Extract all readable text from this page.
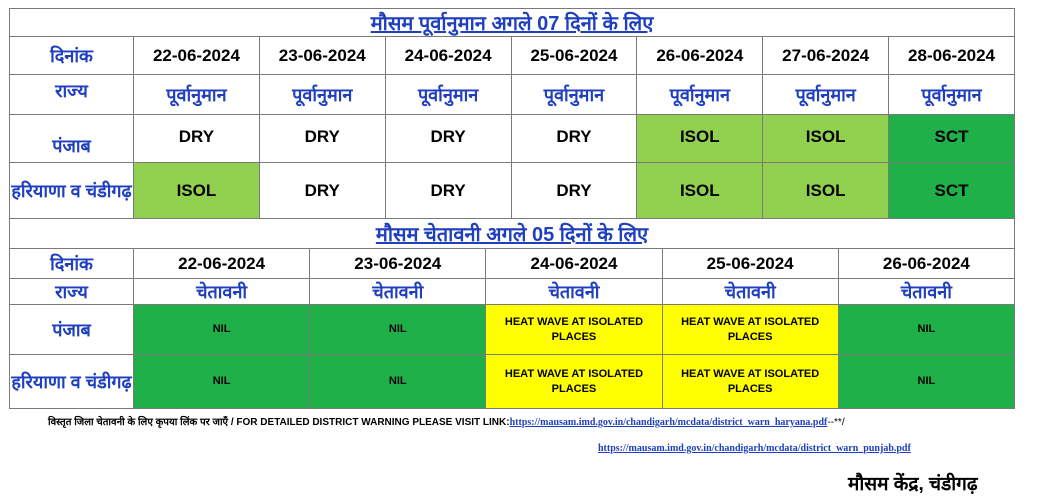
मौसम पूर्वानुमान अगले 07 दिनों के लिए							
दिनांक	22-06-2024	23-06-2024	24-06-2024	25-06-2024	26-06-2024	27-06-2024	28-06-2024
राज्य	पूर्वानुमान	पूर्वानुमान	पूर्वानुमान	पूर्वानुमान	पूर्वानुमान	पूर्वानुमान	पूर्वानुमान
पंजाब	DRY	DRY	DRY	DRY	ISOL	ISOL	SCT
हरियाणा व चंडीगढ़	ISOL	DRY	DRY	DRY	ISOL	ISOL	SCT
मौसम चेतावनी अगले 05 दिनों के लिए					
दिनांक	22-06-2024	23-06-2024	24-06-2024	25-06-2024	26-06-2024
राज्य	चेतावनी	चेतावनी	चेतावनी	चेतावनी	चेतावनी
पंजाब	NIL	NIL	HEAT WAVE AT ISOLATED PLACES	HEAT WAVE AT ISOLATED PLACES	NIL
हरियाणा व चंडीगढ़	NIL	NIL	HEAT WAVE AT ISOLATED PLACES	HEAT WAVE AT ISOLATED PLACES	NIL
विस्तृत जिला चेतावनी के लिए कृपया लिंक पर जाएँ / FOR DETAILED DISTRICT WARNING PLEASE VISIT LINK:https://mausam.imd.gov.in/chandigarh/mcdata/district_warn_haryana.pdf--**/
https://mausam.imd.gov.in/chandigarh/mcdata/district_warn_punjab.pdf
मौसम केंद्र, चंडीगढ़
